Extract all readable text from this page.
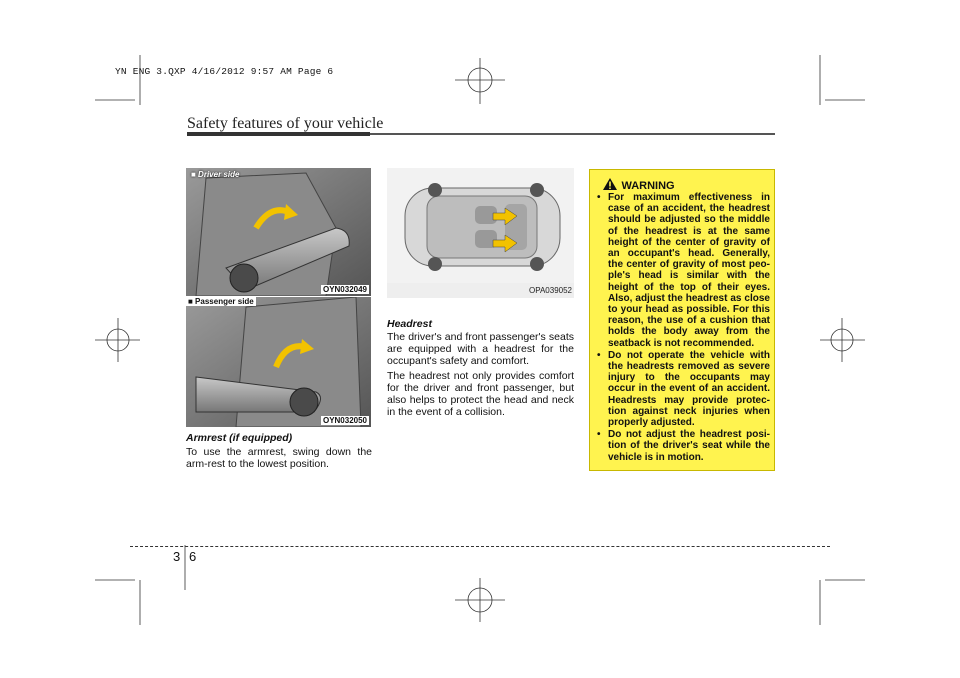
YN ENG 3.QXP 4/16/2012 9:57 AM Page 6
Safety features of your vehicle
■ Driver side
OYN032049
■ Passenger side
OYN032050
Armrest (if equipped)
To use the armrest, swing down the arm-rest to the lowest position.
OPA039052
Headrest
The driver's and front passenger's seats are equipped with a headrest for the occupant's safety and comfort.
The headrest not only provides comfort for the driver and front passenger, but also helps to protect the head and neck in the event of a collision.
WARNING
• For maximum effectiveness in case of an accident, the headrest should be adjusted so the middle of the headrest is at the same height of the center of gravity of an occupant's head. Generally, the center of gravity of most peo-ple's head is similar with the height of the top of their eyes. Also, adjust the headrest as close to your head as possible. For this reason, the use of a cushion that holds the body away from the seatback is not recommended.
• Do not operate the vehicle with the headrests removed as severe injury to the occupants may occur in the event of an accident. Headrests may provide protec-tion against neck injuries when properly adjusted.
• Do not adjust the headrest posi-tion of the driver's seat while the vehicle is in motion.
3 6
